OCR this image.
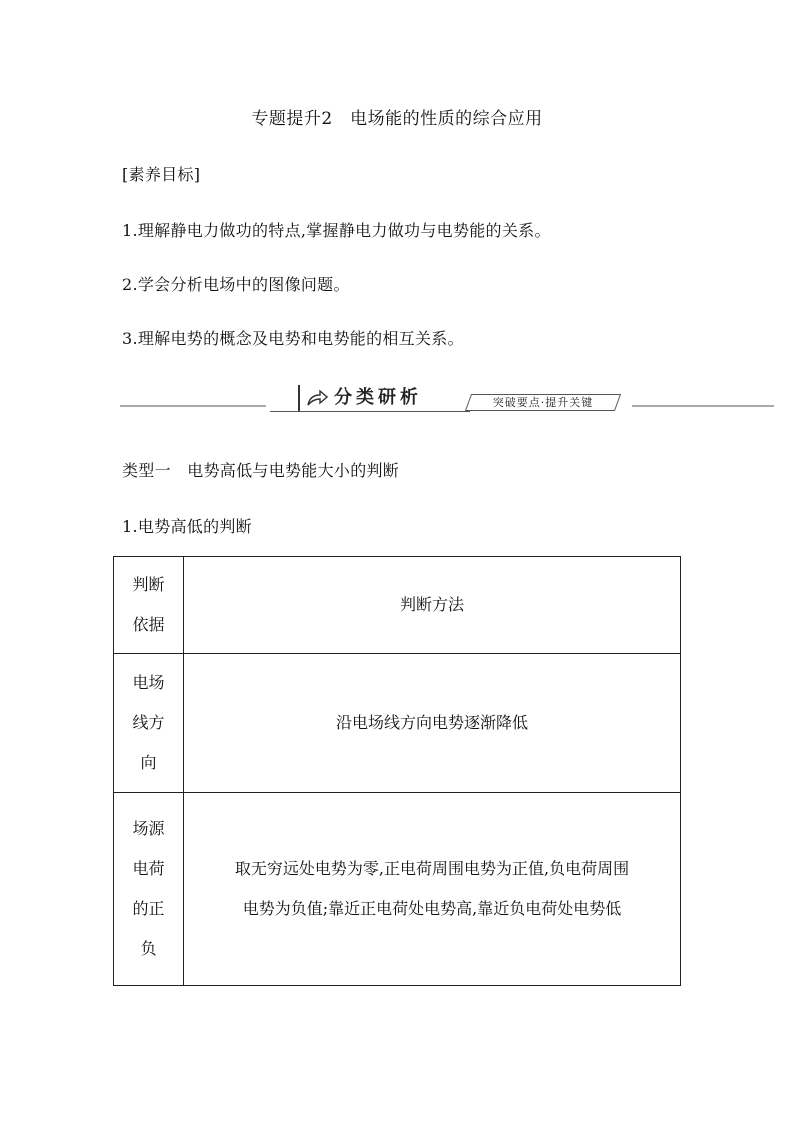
专题提升2　电场能的性质的综合应用
[素养目标]
1.理解静电力做功的特点,掌握静电力做功与电势能的关系。
2.学会分析电场中的图像问题。
3.理解电势的概念及电势和电势能的相互关系。
分类研析	突破要点·提升关键
类型一　电势高低与电势能大小的判断
1.电势高低的判断
判断
依据	判断方法

电场
线方
向	沿电场线方向电势逐渐降低

场源
电荷
的正
负	取无穷远处电势为零,正电荷周围电势为正值,负电荷周围
电势为负值;靠近正电荷处电势高,靠近负电荷处电势低
